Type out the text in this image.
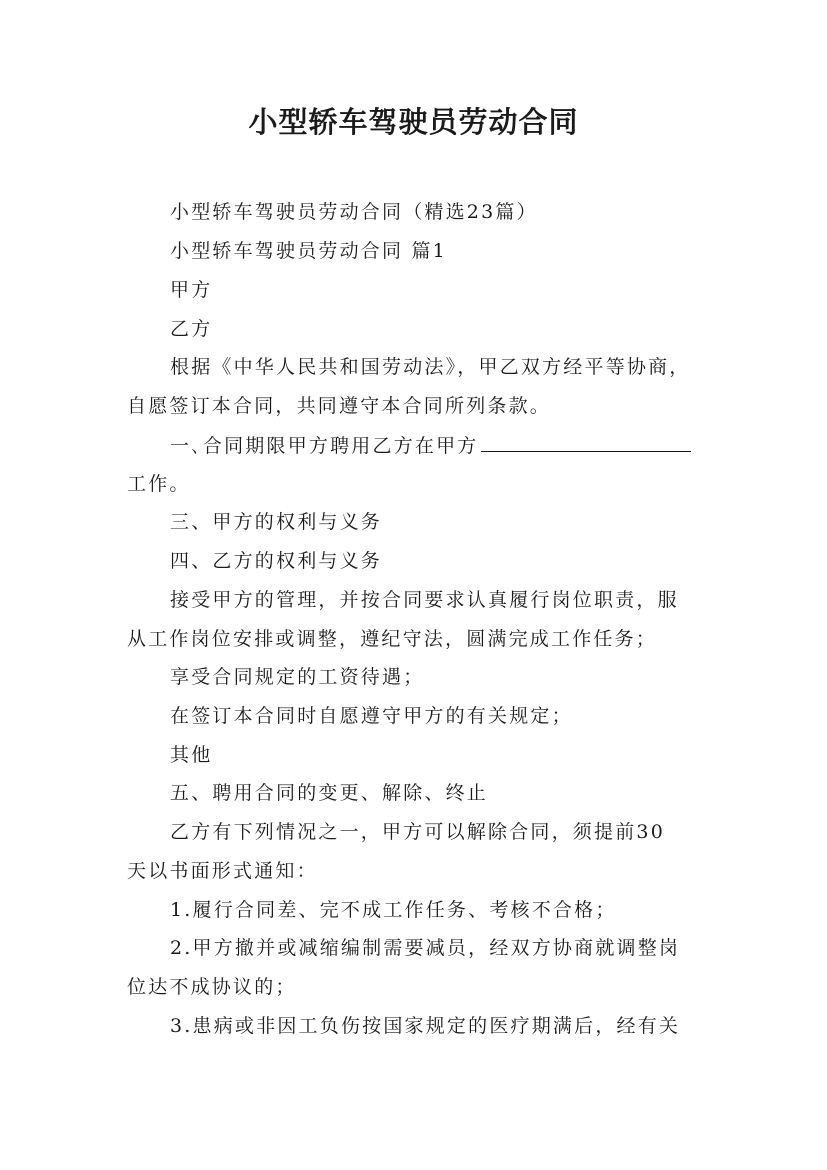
小型轿车驾驶员劳动合同

小型轿车驾驶员劳动合同（精选23篇）

小型轿车驾驶员劳动合同 篇1

甲方

乙方

根据《中华人民共和国劳动法》，甲乙双方经平等协商，

自愿签订本合同，共同遵守本合同所列条款。

一､合同期限甲方聘用乙方在甲方

工作。

三、甲方的权利与义务

四、乙方的权利与义务

接受甲方的管理，并按合同要求认真履行岗位职责，服

从工作岗位安排或调整，遵纪守法，圆满完成工作任务；

享受合同规定的工资待遇；

在签订本合同时自愿遵守甲方的有关规定；

其他

五、聘用合同的变更、解除、终止

乙方有下列情况之一，甲方可以解除合同，须提前30

天以书面形式通知：

1.履行合同差、完不成工作任务、考核不合格；

2.甲方撤并或减缩编制需要减员，经双方协商就调整岗

位达不成协议的；

3.患病或非因工负伤按国家规定的医疗期满后，经有关
